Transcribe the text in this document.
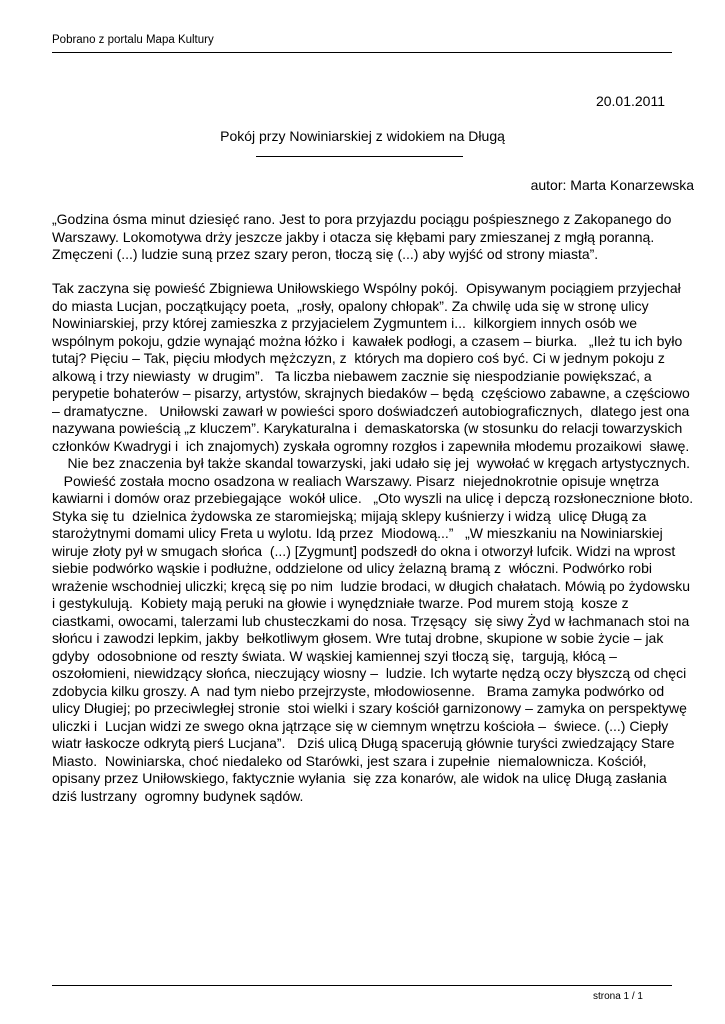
Pobrano z portalu Mapa Kultury
20.01.2011
Pokój przy Nowiniarskiej z widokiem na Długą
autor: Marta Konarzewska
„Godzina ósma minut dziesięć rano. Jest to pora przyjazdu pociągu pośpiesznego z Zakopanego do
Warszawy. Lokomotywa drży jeszcze jakby i otacza się kłębami pary zmieszanej z mgłą poranną.
Zmęczeni (...) ludzie suną przez szary peron, tłoczą się (...) aby wyjść od strony miasta”.
Tak zaczyna się powieść Zbigniewa Uniłowskiego Wspólny pokój.  Opisywanym pociągiem przyjechał
do miasta Lucjan, początkujący poeta,  „rosły, opalony chłopak”. Za chwilę uda się w stronę ulicy
Nowiniarskiej, przy której zamieszka z przyjacielem Zygmuntem i...  kilkorgiem innych osób we
wspólnym pokoju, gdzie wynająć można łóżko i  kawałek podłogi, a czasem – biurka.   „Ileż tu ich było
tutaj? Pięciu – Tak, pięciu młodych mężczyzn, z  których ma dopiero coś być. Ci w jednym pokoju z
alkową i trzy niewiasty  w drugim”.   Ta liczba niebawem zacznie się niespodzianie powiększać, a
perypetie bohaterów – pisarzy, artystów, skrajnych biedaków – będą  częściowo zabawne, a częściowo
– dramatyczne.   Uniłowski zawarł w powieści sporo doświadczeń autobiograficznych,  dlatego jest ona
nazywana powieścią „z kluczem”. Karykaturalna i  demaskatorska (w stosunku do relacji towarzyskich
członków Kwadrygi i  ich znajomych) zyskała ogromny rozgłos i zapewniła młodemu prozaikowi  sławę.
Nie bez znaczenia był także skandal towarzyski, jaki udało się jej  wywołać w kręgach artystycznych.
Powieść została mocno osadzona w realiach Warszawy. Pisarz  niejednokrotnie opisuje wnętrza
kawiarni i domów oraz przebiegające  wokół ulice.   „Oto wyszli na ulicę i depczą rozsłonecznione błoto.
Styka się tu  dzielnica żydowska ze staromiejską; mijają sklepy kuśnierzy i widzą  ulicę Długą za
starożytnymi domami ulicy Freta u wylotu. Idą przez  Miodową...”   „W mieszkaniu na Nowiniarskiej
wiruje złoty pył w smugach słońca  (...) [Zygmunt] podszedł do okna i otworzył lufcik. Widzi na wprost
siebie podwórko wąskie i podłużne, oddzielone od ulicy żelazną bramą z  włóczni. Podwórko robi
wrażenie wschodniej uliczki; kręcą się po nim  ludzie brodaci, w długich chałatach. Mówią po żydowsku
i gestykulują.  Kobiety mają peruki na głowie i wynędzniałe twarze. Pod murem stoją  kosze z
ciastkami, owocami, talerzami lub chusteczkami do nosa. Trzęsący  się siwy Żyd w łachmanach stoi na
słońcu i zawodzi lepkim, jakby  bełkotliwym głosem. Wre tutaj drobne, skupione w sobie życie – jak
gdyby  odosobnione od reszty świata. W wąskiej kamiennej szyi tłoczą się,  targują, kłócą –
oszołomieni, niewidzący słońca, nieczujący wiosny –  ludzie. Ich wytarte nędzą oczy błyszczą od chęci
zdobycia kilku groszy. A  nad tym niebo przejrzyste, młodowiosenne.   Brama zamyka podwórko od
ulicy Długiej; po przeciwległej stronie  stoi wielki i szary kościół garnizonowy – zamyka on perspektywę
uliczki i  Lucjan widzi ze swego okna jątrzące się w ciemnym wnętrzu kościoła –  świece. (...) Ciepły
wiatr łaskocze odkrytą pierś Lucjana”.   Dziś ulicą Długą spacerują głównie turyści zwiedzający Stare
Miasto.  Nowiniarska, choć niedaleko od Starówki, jest szara i zupełnie  niemalownicza. Kościół,
opisany przez Uniłowskiego, faktycznie wyłania  się zza konarów, ale widok na ulicę Długą zasłania
dziś lustrzany  ogromny budynek sądów.
strona 1 / 1
